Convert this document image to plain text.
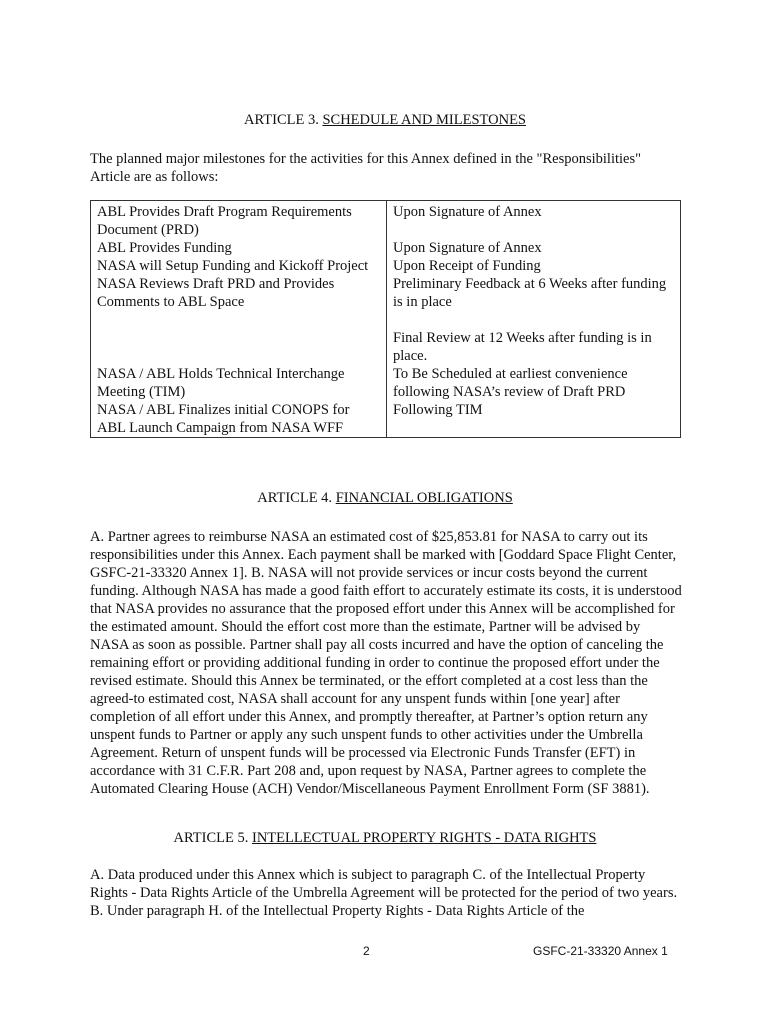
ARTICLE 3. SCHEDULE AND MILESTONES
The planned major milestones for the activities for this Annex defined in the "Responsibilities" Article are as follows:
ABL Provides Draft Program Requirements Document (PRD)	Upon Signature of Annex
ABL Provides Funding	Upon Signature of Annex
NASA will Setup Funding and Kickoff Project	Upon Receipt of Funding
NASA Reviews Draft PRD and Provides Comments to ABL Space	Preliminary Feedback at 6 Weeks after funding is in place
Final Review at 12 Weeks after funding is in place.

NASA / ABL Holds Technical Interchange Meeting (TIM)	To Be Scheduled at earliest convenience following NASA’s review of Draft PRD
NASA / ABL Finalizes initial CONOPS for ABL Launch Campaign from NASA WFF	Following TIM
ARTICLE 4. FINANCIAL OBLIGATIONS
A. Partner agrees to reimburse NASA an estimated cost of $25,853.81 for NASA to carry out its responsibilities under this Annex. Each payment shall be marked with [Goddard Space Flight Center, GSFC-21-33320 Annex 1]. B. NASA will not provide services or incur costs beyond the current funding. Although NASA has made a good faith effort to accurately estimate its costs, it is understood that NASA provides no assurance that the proposed effort under this Annex will be accomplished for the estimated amount. Should the effort cost more than the estimate, Partner will be advised by NASA as soon as possible. Partner shall pay all costs incurred and have the option of canceling the remaining effort or providing additional funding in order to continue the proposed effort under the revised estimate. Should this Annex be terminated, or the effort completed at a cost less than the agreed-to estimated cost, NASA shall account for any unspent funds within [one year] after completion of all effort under this Annex, and promptly thereafter, at Partner’s option return any unspent funds to Partner or apply any such unspent funds to other activities under the Umbrella Agreement. Return of unspent funds will be processed via Electronic Funds Transfer (EFT) in accordance with 31 C.F.R. Part 208 and, upon request by NASA, Partner agrees to complete the Automated Clearing House (ACH) Vendor/Miscellaneous Payment Enrollment Form (SF 3881).
ARTICLE 5. INTELLECTUAL PROPERTY RIGHTS - DATA RIGHTS
A. Data produced under this Annex which is subject to paragraph C. of the Intellectual Property Rights - Data Rights Article of the Umbrella Agreement will be protected for the period of two years. B. Under paragraph H. of the Intellectual Property Rights - Data Rights Article of the
2	GSFC-21-33320 Annex 1
